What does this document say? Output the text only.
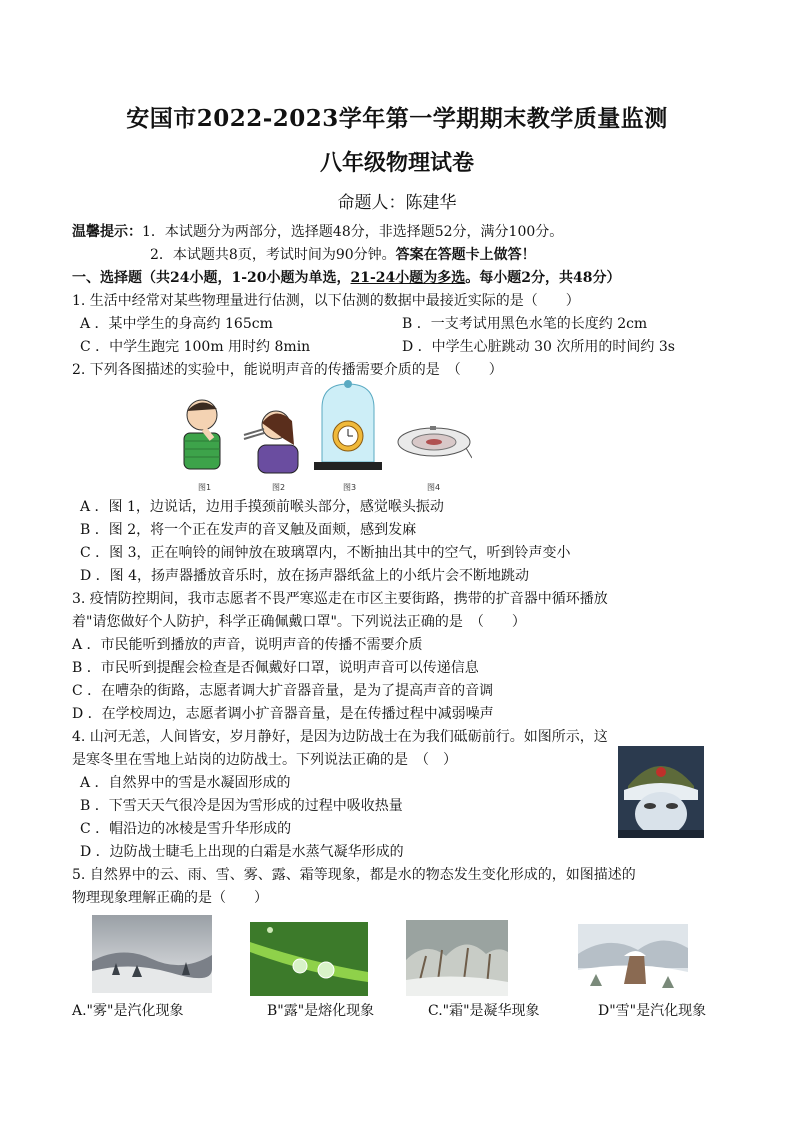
安国市2022-2023学年第一学期期末教学质量监测
八年级物理试卷
命题人：陈建华
温馨提示：1．本试题分为两部分，选择题48分，非选择题52分，满分100分。
2．本试题共8页，考试时间为90分钟。答案在答题卡上做答！
一、选择题（共24小题，1-20小题为单选，21-24小题为多选。每小题2分，共48分）
1. 生活中经常对某些物理量进行估测，以下估测的数据中最接近实际的是（　　）
A ．某中学生的身高约 165cm	B ．一支考试用黑色水笔的长度约 2cm
C ．中学生跑完 100m 用时约 8min	D ．中学生心脏跳动 30 次所用的时间约 3s
2. 下列各图描述的实验中，能说明声音的传播需要介质的是　（　　）
图1	图2	图3	图4
A ．图 1，边说话，边用手摸颈前喉头部分，感觉喉头振动
B ．图 2，将一个正在发声的音叉触及面颊，感到发麻
C ．图 3，正在响铃的闹钟放在玻璃罩内，不断抽出其中的空气，听到铃声变小
D ．图 4，扬声器播放音乐时，放在扬声器纸盆上的小纸片会不断地跳动
3. 疫情防控期间，我市志愿者不畏严寒巡走在市区主要街路，携带的扩音器中循环播放
着"请您做好个人防护，科学正确佩戴口罩"。下列说法正确的是　（　　）
A ．市民能听到播放的声音，说明声音的传播不需要介质
B ．市民听到提醒会检查是否佩戴好口罩，说明声音可以传递信息
C ．在嘈杂的街路，志愿者调大扩音器音量，是为了提高声音的音调
D ．在学校周边，志愿者调小扩音器音量，是在传播过程中减弱噪声
4. 山河无恙，人间皆安，岁月静好，是因为边防战士在为我们砥砺前行。如图所示，这
是寒冬里在雪地上站岗的边防战士。下列说法正确的是　（　）
A ．自然界中的雪是水凝固形成的
B ．下雪天天气很冷是因为雪形成的过程中吸收热量
C ．帽沿边的冰棱是雪升华形成的
D ．边防战士睫毛上出现的白霜是水蒸气凝华形成的
5. 自然界中的云、雨、雪、雾、露、霜等现象，都是水的物态发生变化形成的，如图描述的
物理现象理解正确的是（　　）
A."雾"是汽化现象	B"露"是熔化现象	C."霜"是凝华现象	D"雪"是汽化现象
